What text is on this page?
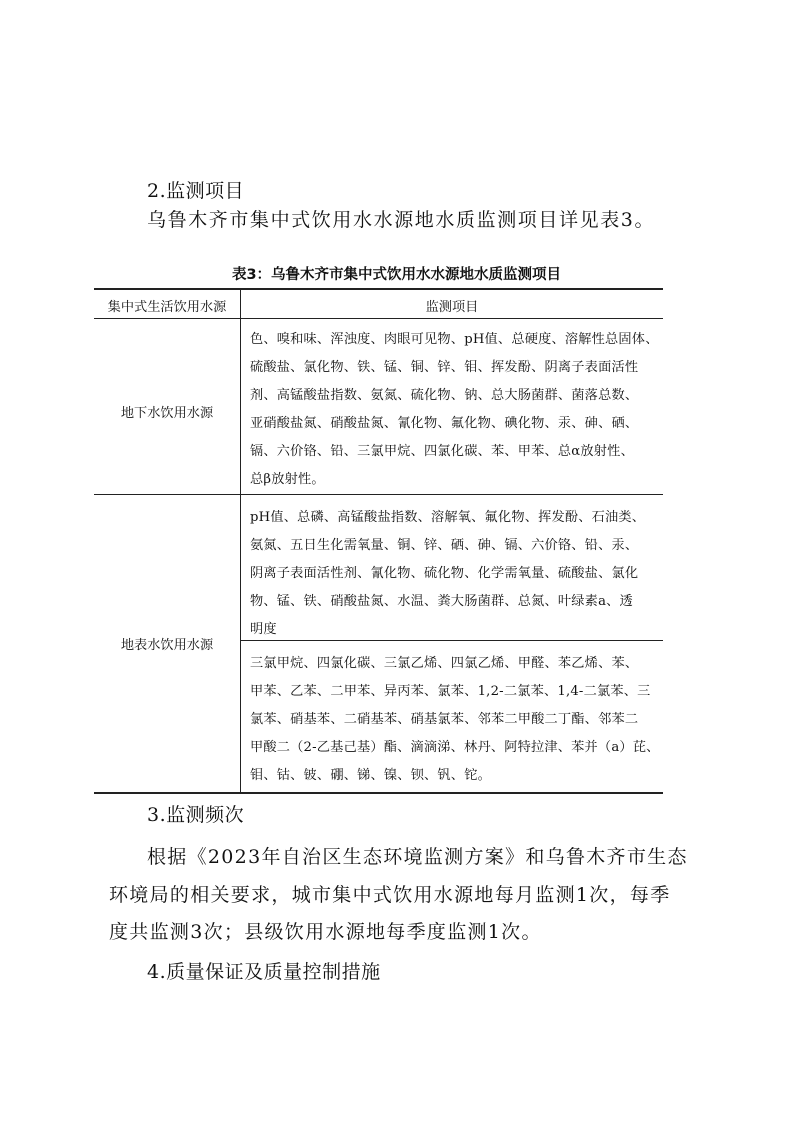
2.监测项目
乌鲁木齐市集中式饮用水水源地水质监测项目详见表3。
表3：乌鲁木齐市集中式饮用水水源地水质监测项目
集中式生活饮用水源	监测项目
地下水饮用水源
色、嗅和味、浑浊度、肉眼可见物、pH值、总硬度、溶解性总固体、
硫酸盐、氯化物、铁、锰、铜、锌、钼、挥发酚、阴离子表面活性
剂、高锰酸盐指数、氨氮、硫化物、钠、总大肠菌群、菌落总数、
亚硝酸盐氮、硝酸盐氮、氰化物、氟化物、碘化物、汞、砷、硒、
镉、六价铬、铅、三氯甲烷、四氯化碳、苯、甲苯、总α放射性、
总β放射性。
地表水饮用水源
pH值、总磷、高锰酸盐指数、溶解氧、氟化物、挥发酚、石油类、
氨氮、五日生化需氧量、铜、锌、硒、砷、镉、六价铬、铅、汞、
阴离子表面活性剂、氰化物、硫化物、化学需氧量、硫酸盐、氯化
物、锰、铁、硝酸盐氮、水温、粪大肠菌群、总氮、叶绿素a、透
明度
三氯甲烷、四氯化碳、三氯乙烯、四氯乙烯、甲醛、苯乙烯、苯、
甲苯、乙苯、二甲苯、异丙苯、氯苯、1,2-二氯苯、1,4-二氯苯、三
氯苯、硝基苯、二硝基苯、硝基氯苯、邻苯二甲酸二丁酯、邻苯二
甲酸二（2-乙基己基）酯、滴滴涕、林丹、阿特拉津、苯并（a）芘、
钼、钴、铍、硼、锑、镍、钡、钒、铊。
3.监测频次
根据《2023年自治区生态环境监测方案》和乌鲁木齐市生态
环境局的相关要求，城市集中式饮用水源地每月监测1次，每季
度共监测3次；县级饮用水源地每季度监测1次。
4.质量保证及质量控制措施
